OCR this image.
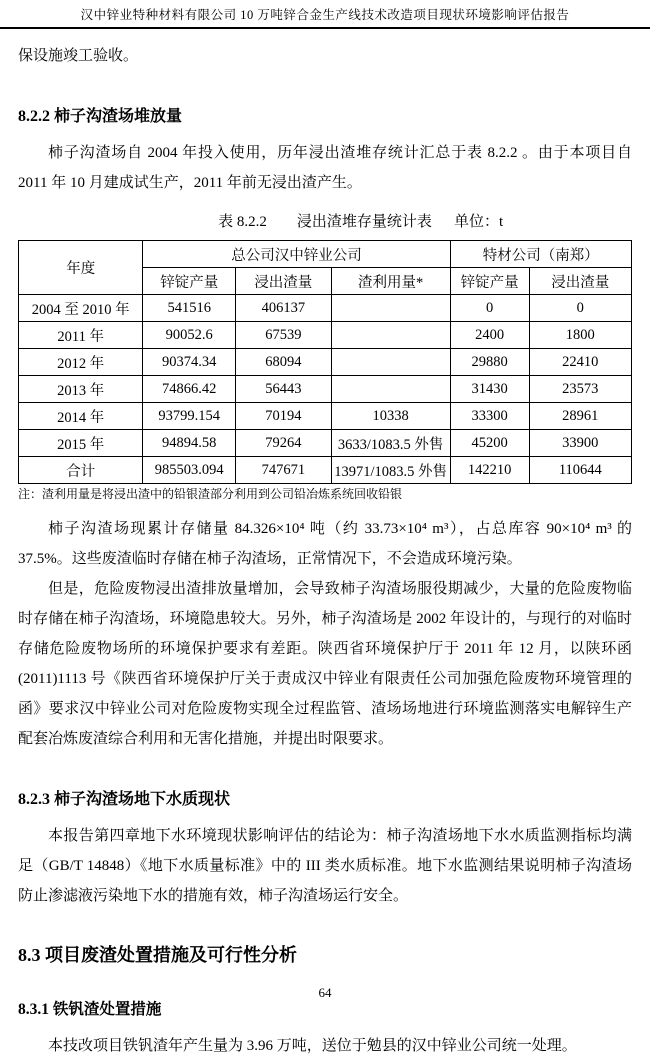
汉中锌业特种材料有限公司 10 万吨锌合金生产线技术改造项目现状环境影响评估报告

保设施竣工验收。

8.2.2 柿子沟渣场堆放量

柿子沟渣场自 2004 年投入使用，历年浸出渣堆存统计汇总于表 8.2.2 。由于本项目自 2011 年 10 月建成试生产，2011 年前无浸出渣产生。

表 8.2.2　　浸出渣堆存量统计表 单位：t
年度	总公司汉中锌业公司			特材公司（南郑）	
	锌锭产量	浸出渣量	渣利用量*	锌锭产量	浸出渣量
2004 至 2010 年	541516	406137		0	0
2011 年	90052.6	67539		2400	1800
2012 年	90374.34	68094		29880	22410
2013 年	74866.42	56443		31430	23573
2014 年	93799.154	70194	10338	33300	28961
2015 年	94894.58	79264	3633/1083.5 外售	45200	33900
合计	985503.094	747671	13971/1083.5 外售	142210	110644

注：渣利用量是将浸出渣中的铅银渣部分利用到公司铅冶炼系统回收铅银

柿子沟渣场现累计存储量 84.326×10⁴ 吨（约 33.73×10⁴ m³），占总库容 90×10⁴ m³ 的 37.5%。这些废渣临时存储在柿子沟渣场，正常情况下，不会造成环境污染。

但是，危险废物浸出渣排放量增加，会导致柿子沟渣场服役期减少，大量的危险废物临时存储在柿子沟渣场，环境隐患较大。另外，柿子沟渣场是 2002 年设计的，与现行的对临时存储危险废物场所的环境保护要求有差距。陕西省环境保护厅于 2011 年 12 月，以陕环函(2011)1113 号《陕西省环境保护厅关于责成汉中锌业有限责任公司加强危险废物环境管理的函》要求汉中锌业公司对危险废物实现全过程监管、渣场场地进行环境监测落实电解锌生产配套冶炼废渣综合利用和无害化措施，并提出时限要求。

8.2.3 柿子沟渣场地下水质现状

本报告第四章地下水环境现状影响评估的结论为：柿子沟渣场地下水水质监测指标均满足（GB/T 14848）《地下水质量标准》中的 III 类水质标准。地下水监测结果说明柿子沟渣场防止渗滤液污染地下水的措施有效，柿子沟渣场运行安全。

8.3 项目废渣处置措施及可行性分析
8.3.1 铁钒渣处置措施

本技改项目铁钒渣年产生量为 3.96 万吨，送位于勉县的汉中锌业公司统一处理。

64
